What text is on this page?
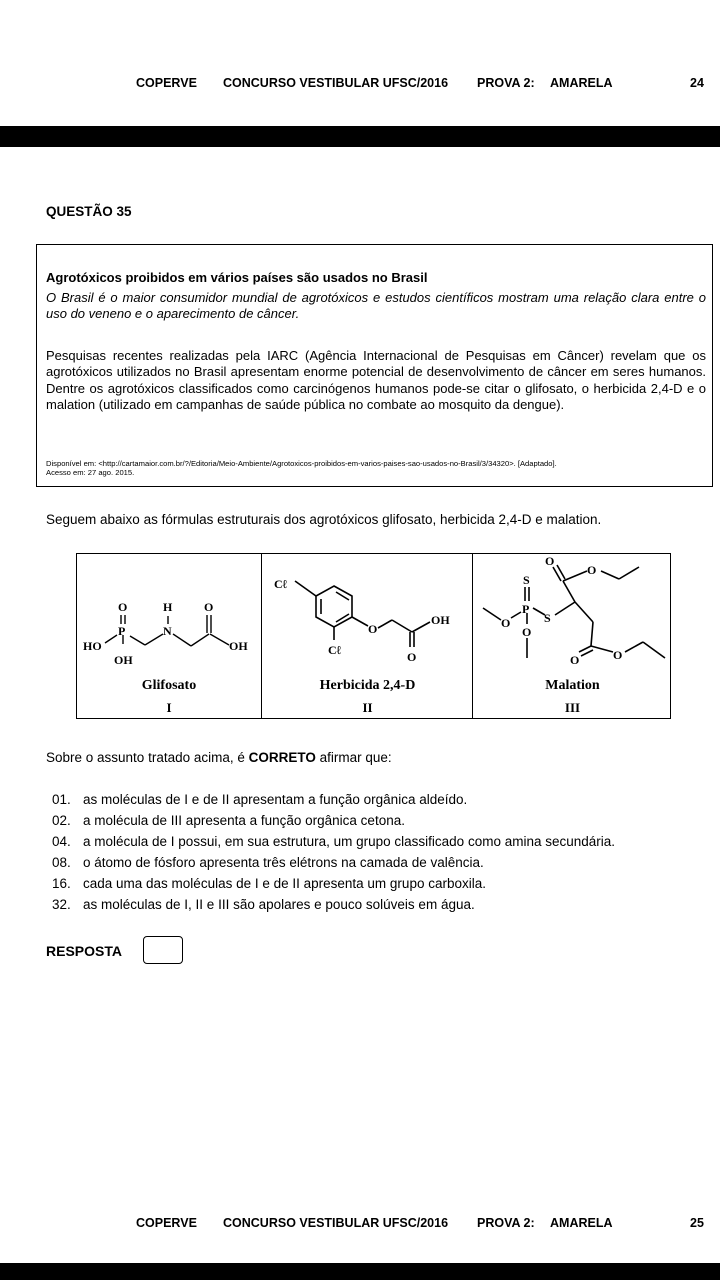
COPERVE CONCURSO VESTIBULAR UFSC/2016 PROVA 2: AMARELA	24
QUESTÃO 35
Agrotóxicos proibidos em vários países são usados no Brasil
O Brasil é o maior consumidor mundial de agrotóxicos e estudos científicos mostram uma relação clara entre o uso do veneno e o aparecimento de câncer.
Pesquisas recentes realizadas pela IARC (Agência Internacional de Pesquisas em Câncer) revelam que os agrotóxicos utilizados no Brasil apresentam enorme potencial de desenvolvimento de câncer em seres humanos. Dentre os agrotóxicos classificados como carcinógenos humanos pode-se citar o glifosato, o herbicida 2,4-D e o malation (utilizado em campanhas de saúde pública no combate ao mosquito da dengue).
Disponível em: <http://cartamaior.com.br/?/Editoria/Meio-Ambiente/Agrotoxicos-proibidos-em-varios-paises-sao-usados-no-Brasil/3/34320>. [Adaptado].
Acesso em: 27 ago. 2015.
Seguem abaixo as fórmulas estruturais dos agrotóxicos glifosato, herbicida 2,4-D e malation.
O	H	O
P	N
HO
OH
OH
Glifosato
I
Cℓ
Cℓ
O
OH
O
Herbicida 2,4-D
II
S
P
O	S
O
O
O
O	O
Malation
III
Sobre o assunto tratado acima, é CORRETO afirmar que:
01. as moléculas de I e de II apresentam a função orgânica aldeído.
02. a molécula de III apresenta a função orgânica cetona.
04. a molécula de I possui, em sua estrutura, um grupo classificado como amina secundária.
08. o átomo de fósforo apresenta três elétrons na camada de valência.
16. cada uma das moléculas de I e de II apresenta um grupo carboxila.
32. as moléculas de I, II e III são apolares e pouco solúveis em água.
RESPOSTA
COPERVE CONCURSO VESTIBULAR UFSC/2016 PROVA 2: AMARELA	25
